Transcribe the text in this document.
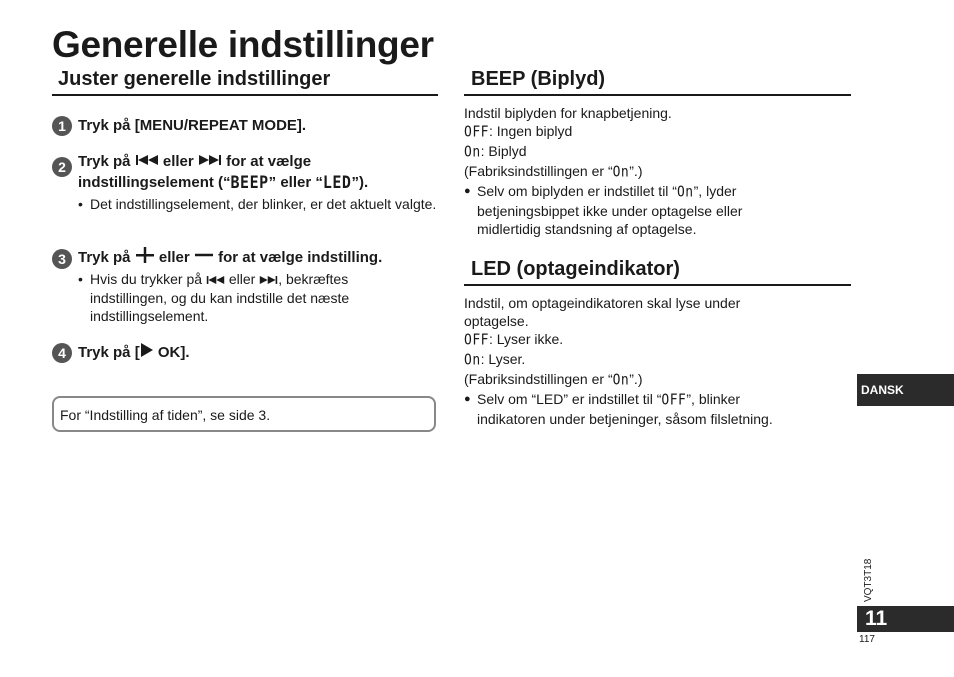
Generelle indstillinger
Juster generelle indstillinger
1 Tryk på [MENU/REPEAT MODE].
2 Tryk på eller for at vælge
indstillingselement (“BEEP” eller “LED”).
• Det indstillingselement, der blinker, er det aktuelt valgte.
3 Tryk på eller for at vælge indstilling.
• Hvis du trykker på eller , bekræftes
indstillingen, og du kan indstille det næste
indstillingselement.
4 Tryk på [ OK].
For “Indstilling af tiden”, se side 3.
BEEP (Biplyd)
Indstil biplyden for knapbetjening.
OFF: Ingen biplyd
On: Biplyd
(Fabriksindstillingen er “On”.)
● Selv om biplyden er indstillet til “On”, lyder
betjeningsbippet ikke under optagelse eller
midlertidig standsning af optagelse.
LED (optageindikator)
Indstil, om optageindikatoren skal lyse under
optagelse.
OFF: Lyser ikke.
On: Lyser.
(Fabriksindstillingen er “On”.)
● Selv om “LED” er indstillet til “OFF”, blinker
indikatoren under betjeninger, såsom filsletning.
DANSK
VQT3T18
11
117
